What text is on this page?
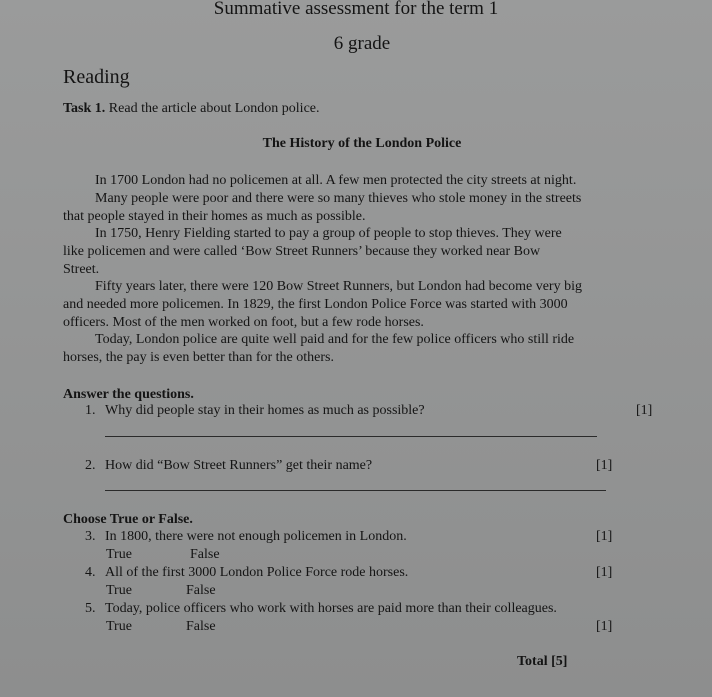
Summative assessment for the term 1
6 grade
Reading
Task 1. Read the article about London police.
The History of the London Police
In 1700 London had no policemen at all. A few men protected the city streets at night.
Many people were poor and there were so many thieves who stole money in the streets
that people stayed in their homes as much as possible.
In 1750, Henry Fielding started to pay a group of people to stop thieves. They were
like policemen and were called ‘Bow Street Runners’ because they worked near Bow
Street.
Fifty years later, there were 120 Bow Street Runners, but London had become very big
and needed more policemen. In 1829, the first London Police Force was started with 3000
officers. Most of the men worked on foot, but a few rode horses.
Today, London police are quite well paid and for the few police officers who still ride
horses, the pay is even better than for the others.
Answer the questions.
1. Why did people stay in their homes as much as possible?	[1]
2. How did “Bow Street Runners” get their name?	[1]
Choose True or False.
3. In 1800, there were not enough policemen in London.	[1]
True	False
4. All of the first 3000 London Police Force rode horses.	[1]
True	False
5. Today, police officers who work with horses are paid more than their colleagues.
[1]
True	False
Total [5]
